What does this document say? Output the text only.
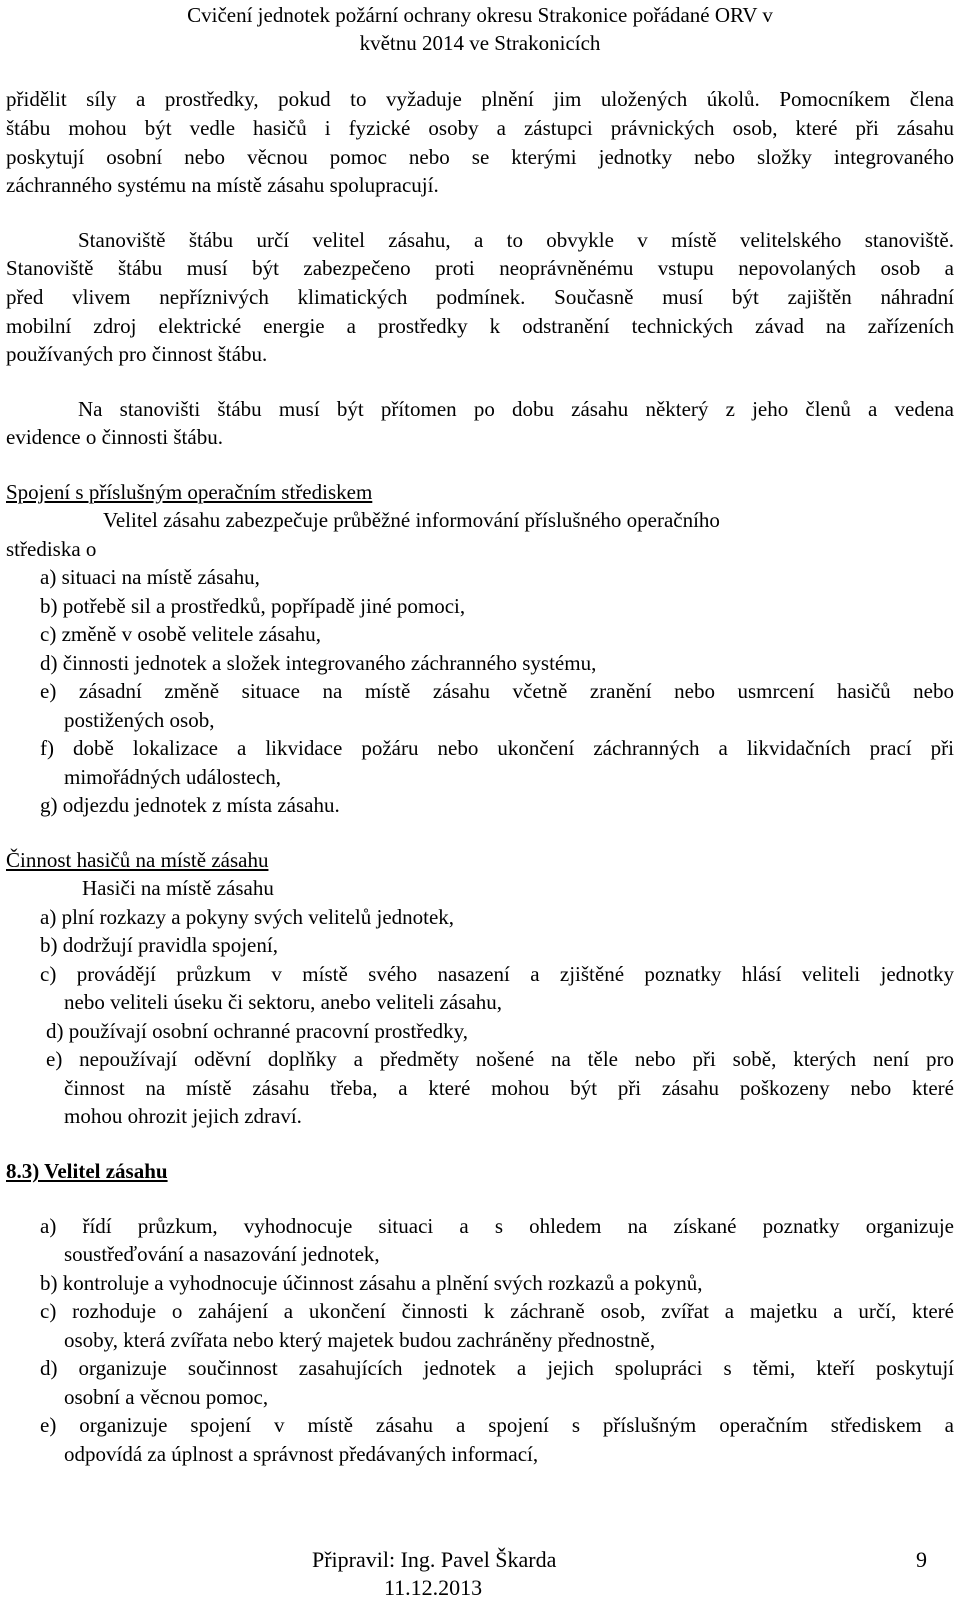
Cvičení jednotek požární ochrany okresu Strakonice pořádané ORV v
květnu 2014 ve Strakonicích
přidělit síly a prostředky, pokud to vyžaduje plnění jim uložených úkolů. Pomocníkem člena
štábu mohou být vedle hasičů i fyzické osoby a zástupci právnických osob, které při zásahu
poskytují osobní nebo věcnou pomoc nebo se kterými jednotky nebo složky integrovaného
záchranného systému na místě zásahu spolupracují.
Stanoviště štábu určí velitel zásahu, a to obvykle v místě velitelského stanoviště.
Stanoviště štábu musí být zabezpečeno proti neoprávněnému vstupu nepovolaných osob a
před vlivem nepříznivých klimatických podmínek. Současně musí být zajištěn náhradní
mobilní zdroj elektrické energie a prostředky k odstranění technických závad na zařízeních
používaných pro činnost štábu.
Na stanovišti štábu musí být přítomen po dobu zásahu některý z jeho členů a vedena
evidence o činnosti štábu.
Spojení s příslušným operačním střediskem
Velitel zásahu zabezpečuje průběžné informování příslušného operačního
střediska o
a) situaci na místě zásahu,
b) potřebě sil a prostředků, popřípadě jiné pomoci,
c) změně v osobě velitele zásahu,
d) činnosti jednotek a složek integrovaného záchranného systému,
e) zásadní změně situace na místě zásahu včetně zranění nebo usmrcení hasičů nebo
postižených osob,
f) době lokalizace a likvidace požáru nebo ukončení záchranných a likvidačních prací při
mimořádných událostech,
g) odjezdu jednotek z místa zásahu.
Činnost hasičů na místě zásahu
Hasiči na místě zásahu
a) plní rozkazy a pokyny svých velitelů jednotek,
b) dodržují pravidla spojení,
c) provádějí průzkum v místě svého nasazení a zjištěné poznatky hlásí veliteli jednotky
nebo veliteli úseku či sektoru, anebo veliteli zásahu,
d) používají osobní ochranné pracovní prostředky,
e) nepoužívají oděvní doplňky a předměty nošené na těle nebo při sobě, kterých není pro
činnost na místě zásahu třeba, a které mohou být při zásahu poškozeny nebo které
mohou ohrozit jejich zdraví.
8.3) Velitel zásahu
a) řídí průzkum, vyhodnocuje situaci a s ohledem na získané poznatky organizuje
soustřeďování a nasazování jednotek,
b) kontroluje a vyhodnocuje účinnost zásahu a plnění svých rozkazů a pokynů,
c) rozhoduje o zahájení a ukončení činnosti k záchraně osob, zvířat a majetku a určí, které
osoby, která zvířata nebo který majetek budou zachráněny přednostně,
d) organizuje součinnost zasahujících jednotek a jejich spolupráci s těmi, kteří poskytují
osobní a věcnou pomoc,
e) organizuje spojení v místě zásahu a spojení s příslušným operačním střediskem a
odpovídá za úplnost a správnost předávaných informací,
Připravil: Ing. Pavel Škarda	9
11.12.2013
